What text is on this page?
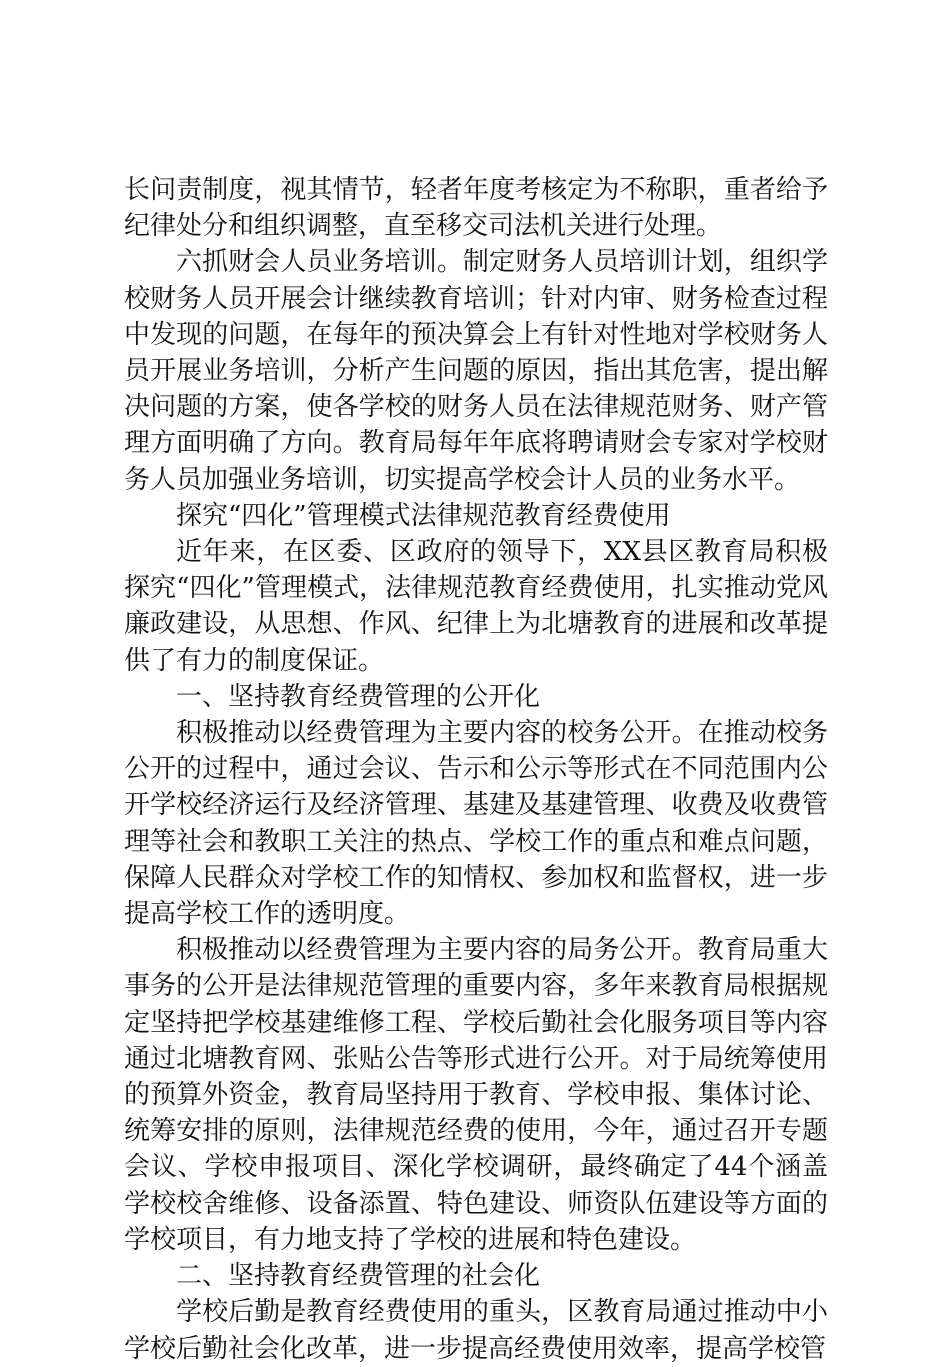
长问责制度，视其情节，轻者年度考核定为不称职，重者给予纪律处分和组织调整，直至移交司法机关进行处理。

六抓财会人员业务培训。制定财务人员培训计划，组织学校财务人员开展会计继续教育培训；针对内审、财务检查过程中发现的问题，在每年的预决算会上有针对性地对学校财务人员开展业务培训，分析产生问题的原因，指出其危害，提出解决问题的方案，使各学校的财务人员在法律规范财务、财产管理方面明确了方向。教育局每年年底将聘请财会专家对学校财务人员加强业务培训，切实提高学校会计人员的业务水平。

探究“四化”管理模式法律规范教育经费使用

近年来，在区委、区政府的领导下，XX县区教育局积极探究“四化”管理模式，法律规范教育经费使用，扎实推动党风廉政建设，从思想、作风、纪律上为北塘教育的进展和改革提供了有力的制度保证。

一、坚持教育经费管理的公开化

积极推动以经费管理为主要内容的校务公开。在推动校务公开的过程中，通过会议、告示和公示等形式在不同范围内公开学校经济运行及经济管理、基建及基建管理、收费及收费管理等社会和教职工关注的热点、学校工作的重点和难点问题，保障人民群众对学校工作的知情权、参加权和监督权，进一步提高学校工作的透明度。

积极推动以经费管理为主要内容的局务公开。教育局重大事务的公开是法律规范管理的重要内容，多年来教育局根据规定坚持把学校基建维修工程、学校后勤社会化服务项目等内容通过北塘教育网、张贴公告等形式进行公开。对于局统筹使用的预算外资金，教育局坚持用于教育、学校申报、集体讨论、统筹安排的原则，法律规范经费的使用，今年，通过召开专题会议、学校申报项目、深化学校调研，最终确定了44个涵盖学校校舍维修、设备添置、特色建设、师资队伍建设等方面的学校项目，有力地支持了学校的进展和特色建设。

二、坚持教育经费管理的社会化

学校后勤是教育经费使用的重头，区教育局通过推动中小学校后勤社会化改革，进一步提高经费使用效率，提高学校管
